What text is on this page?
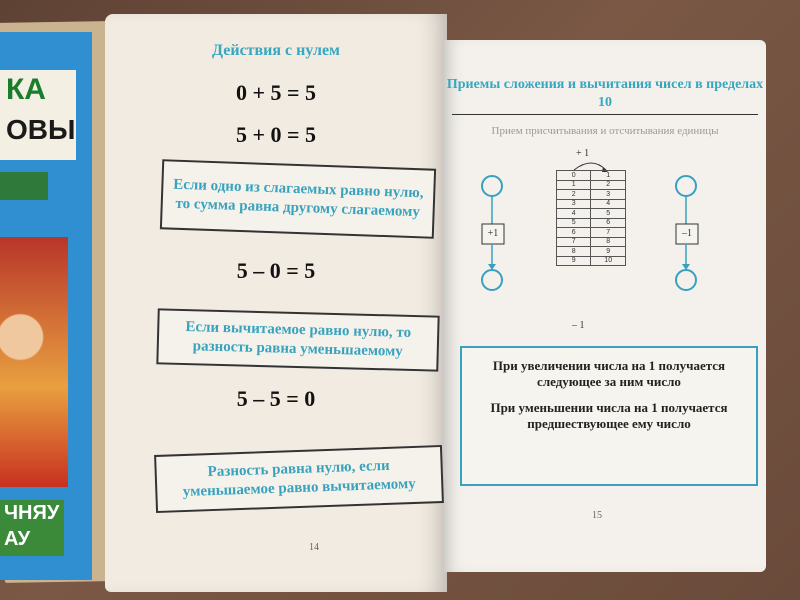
КА
ОВЫ
ЧНЯУ
АУ
Действия с нулем
0 + 5 = 5
5 + 0 = 5
Если одно из слагаемых равно нулю, то сумма равна другому слагаемому
5 – 0 = 5
Если вычитаемое равно нулю, то разность равна уменьшаемому
5 – 5 = 0
Разность равна нулю, если уменьшаемое равно вычитаемому
14
Приемы сложения и вычитания чисел в пределах 10
Прием присчитывания и отсчитывания единицы
+ 1
+1	–1
0	1
1	2
2	3
3	4
4	5
5	6
6	7
7	8
8	9
9	10
– 1

При увеличении числа на 1 получается следующее за ним число

При уменьшении числа на 1 получается предшествующее ему число

15
